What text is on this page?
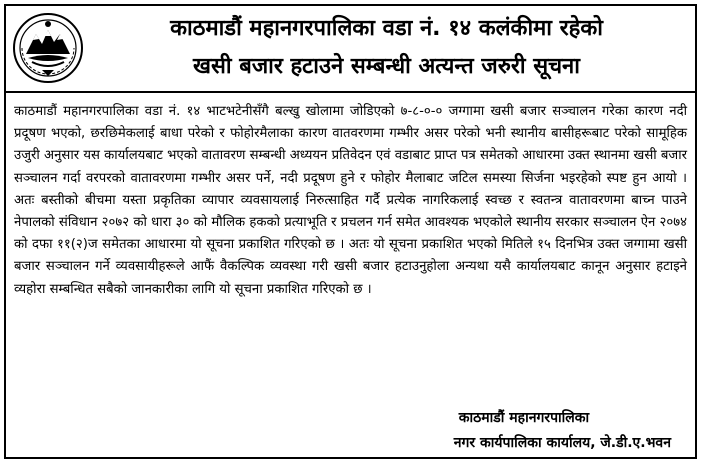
काठमाडौं महानगरपालिका वडा नं. १४ कलंकीमा रहेको
खसी बजार हटाउने सम्बन्धी अत्यन्त जरुरी सूचना
काठमाडौं महानगरपालिका वडा नं. १४ भाटभटेनीसँगै बल्खु खोलामा जोडिएको ७-८-०-० जग्गामा खसी बजार सञ्चालन गरेका कारण नदी प्रदूषण भएको, छरछिमेकलाई बाधा परेको र फोहोरमैलाका कारण वातवरणमा गम्भीर असर परेको भनी स्थानीय बासीहरूबाट परेको सामूहिक उजुरी अनुसार यस कार्यालयबाट भएको वातावरण सम्बन्धी अध्ययन प्रतिवेदन एवं वडाबाट प्राप्त पत्र समेतको आधारमा उक्त स्थानमा खसी बजार सञ्चालन गर्दा वरपरको वातावरणमा गम्भीर असर पर्ने, नदी प्रदूषण हुने र फोहोर मैलाबाट जटिल समस्या सिर्जना भइरहेको स्पष्ट हुन आयो । अतः बस्तीको बीचमा यस्ता प्रकृतिका व्यापार व्यवसायलाई निरुत्साहित गर्दै प्रत्येक नागरिकलाई स्वच्छ र स्वतन्त्र वातावरणमा बाच्न पाउने नेपालको संविधान २०७२ को धारा ३० को मौलिक हकको प्रत्याभूति र प्रचलन गर्न समेत आवश्यक भएकोले स्थानीय सरकार सञ्चालन ऐन २०७४ को दफा ११(२)ज समेतका आधारमा यो सूचना प्रकाशित गरिएको छ । अतः यो सूचना प्रकाशित भएको मितिले १५ दिनभित्र उक्त जग्गामा खसी बजार सञ्चालन गर्ने व्यवसायीहरूले आफैं वैकल्पिक व्यवस्था गरी खसी बजार हटाउनुहोला अन्यथा यसै कार्यालयबाट कानून अनुसार हटाइने व्यहोरा सम्बन्धित सबैको जानकारीका लागि यो सूचना प्रकाशित गरिएको छ ।
काठमाडौं महानगरपालिका
नगर कार्यपालिका कार्यालय, जे.डी.ए.भवन
